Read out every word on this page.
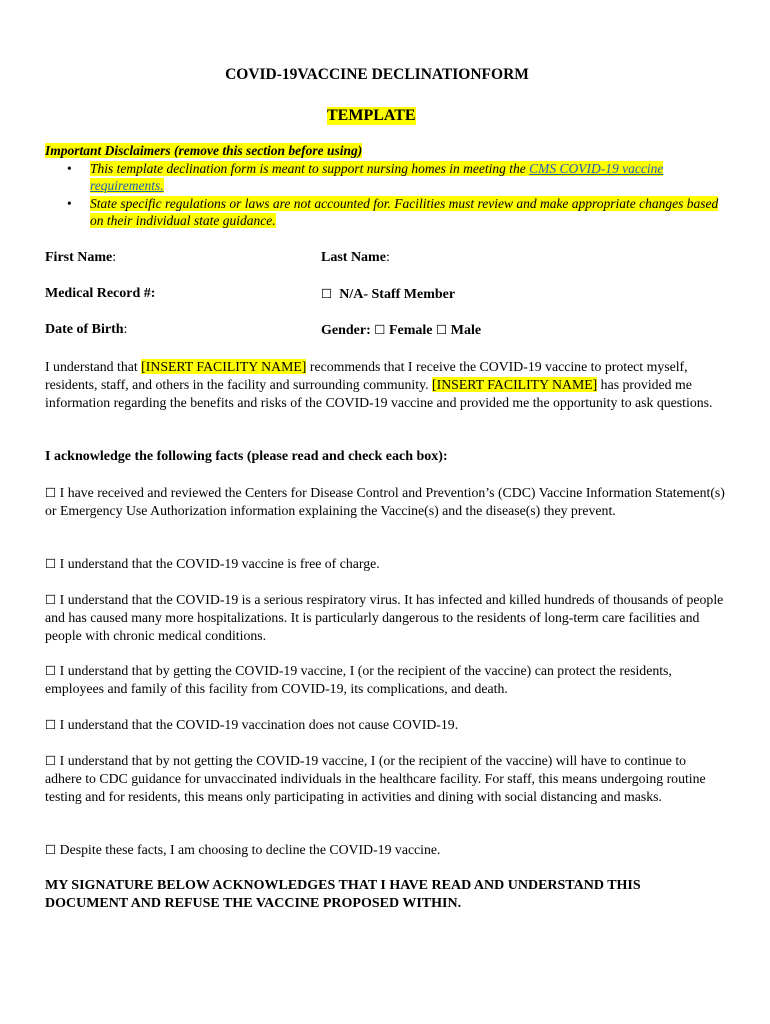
COVID-19VACCINE DECLINATIONFORM
TEMPLATE
Important Disclaimers (remove this section before using)
• This template declination form is meant to support nursing homes in meeting the CMS COVID-19 vaccine requirements.
• State specific regulations or laws are not accounted for. Facilities must review and make appropriate changes based on their individual state guidance.
First Name:	Last Name:
Medical Record #:	☐ N/A- Staff Member
Date of Birth:	Gender: ☐ Female ☐ Male
I understand that [INSERT FACILITY NAME] recommends that I receive the COVID-19 vaccine to protect myself, residents, staff, and others in the facility and surrounding community. [INSERT FACILITY NAME] has provided me information regarding the benefits and risks of the COVID-19 vaccine and provided me the opportunity to ask questions.
I acknowledge the following facts (please read and check each box):
☐ I have received and reviewed the Centers for Disease Control and Prevention’s (CDC) Vaccine Information Statement(s) or Emergency Use Authorization information explaining the Vaccine(s) and the disease(s) they prevent.
☐ I understand that the COVID-19 vaccine is free of charge.
☐ I understand that the COVID-19 is a serious respiratory virus. It has infected and killed hundreds of thousands of people and has caused many more hospitalizations. It is particularly dangerous to the residents of long-term care facilities and people with chronic medical conditions.
☐ I understand that by getting the COVID-19 vaccine, I (or the recipient of the vaccine) can protect the residents, employees and family of this facility from COVID-19, its complications, and death.
☐ I understand that the COVID-19 vaccination does not cause COVID-19.
☐ I understand that by not getting the COVID-19 vaccine, I (or the recipient of the vaccine) will have to continue to adhere to CDC guidance for unvaccinated individuals in the healthcare facility. For staff, this means undergoing routine testing and for residents, this means only participating in activities and dining with social distancing and masks.
☐ Despite these facts, I am choosing to decline the COVID-19 vaccine.
MY SIGNATURE BELOW ACKNOWLEDGES THAT I HAVE READ AND UNDERSTAND THIS DOCUMENT AND REFUSE THE VACCINE PROPOSED WITHIN.
